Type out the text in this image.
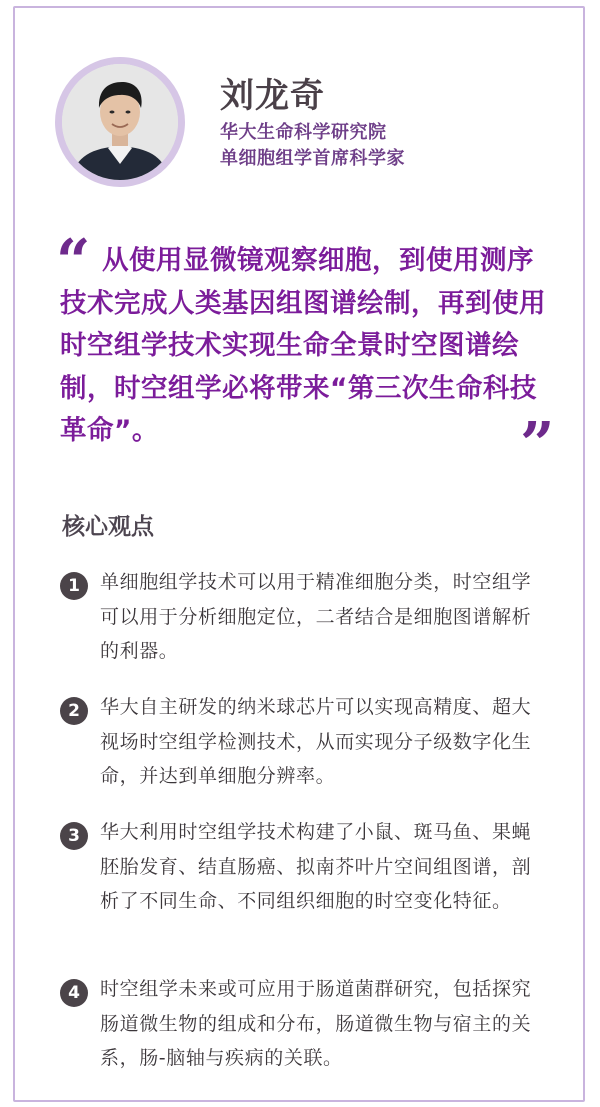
刘龙奇
华大生命科学研究院
单细胞组学首席科学家
“ 从使用显微镜观察细胞，到使用测序技术完成人类基因组图谱绘制，再到使用时空组学技术实现生命全景时空图谱绘制，时空组学必将带来“第三次生命科技革命”。	”
核心观点
1	单细胞组学技术可以用于精准细胞分类，时空组学可以用于分析细胞定位，二者结合是细胞图谱解析的利器。
2	华大自主研发的纳米球芯片可以实现高精度、超大视场时空组学检测技术，从而实现分子级数字化生命，并达到单细胞分辨率。
3	华大利用时空组学技术构建了小鼠、斑马鱼、果蝇胚胎发育、结直肠癌、拟南芥叶片空间组图谱，剖析了不同生命、不同组织细胞的时空变化特征。
4	时空组学未来或可应用于肠道菌群研究，包括探究肠道微生物的组成和分布，肠道微生物与宿主的关系，肠-脑轴与疾病的关联。
